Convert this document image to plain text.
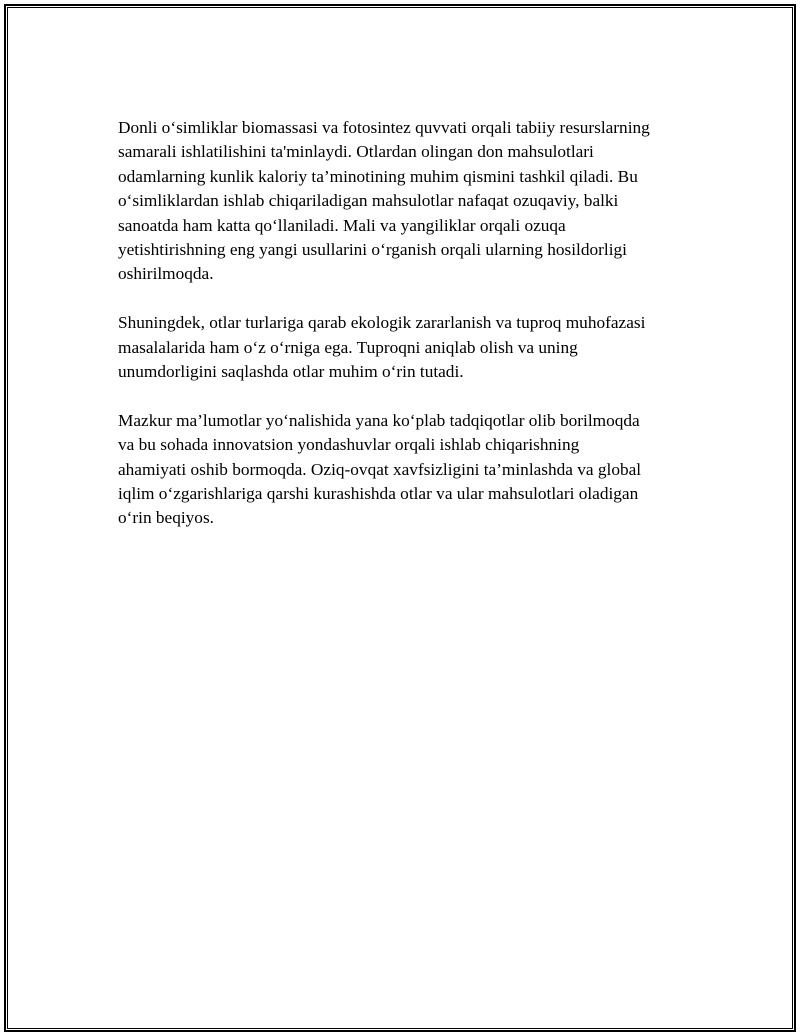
Donli o‘simliklar biomassasi va fotosintez quvvati orqali tabiiy resurslarning
samarali ishlatilishini ta'minlaydi. Otlardan olingan don mahsulotlari
odamlarning kunlik kaloriy ta’minotining muhim qismini tashkil qiladi. Bu
o‘simliklardan ishlab chiqariladigan mahsulotlar nafaqat ozuqaviy, balki
sanoatda ham katta qo‘llaniladi. Mali va yangiliklar orqali ozuqa
yetishtirishning eng yangi usullarini o‘rganish orqali ularning hosildorligi
oshirilmoqda.

Shuningdek, otlar turlariga qarab ekologik zararlanish va tuproq muhofazasi
masalalarida ham o‘z o‘rniga ega. Tuproqni aniqlab olish va uning
unumdorligini saqlashda otlar muhim o‘rin tutadi.

Mazkur ma’lumotlar yo‘nalishida yana ko‘plab tadqiqotlar olib borilmoqda
va bu sohada innovatsion yondashuvlar orqali ishlab chiqarishning
ahamiyati oshib bormoqda. Oziq-ovqat xavfsizligini ta’minlashda va global
iqlim o‘zgarishlariga qarshi kurashishda otlar va ular mahsulotlari oladigan
o‘rin beqiyos.
